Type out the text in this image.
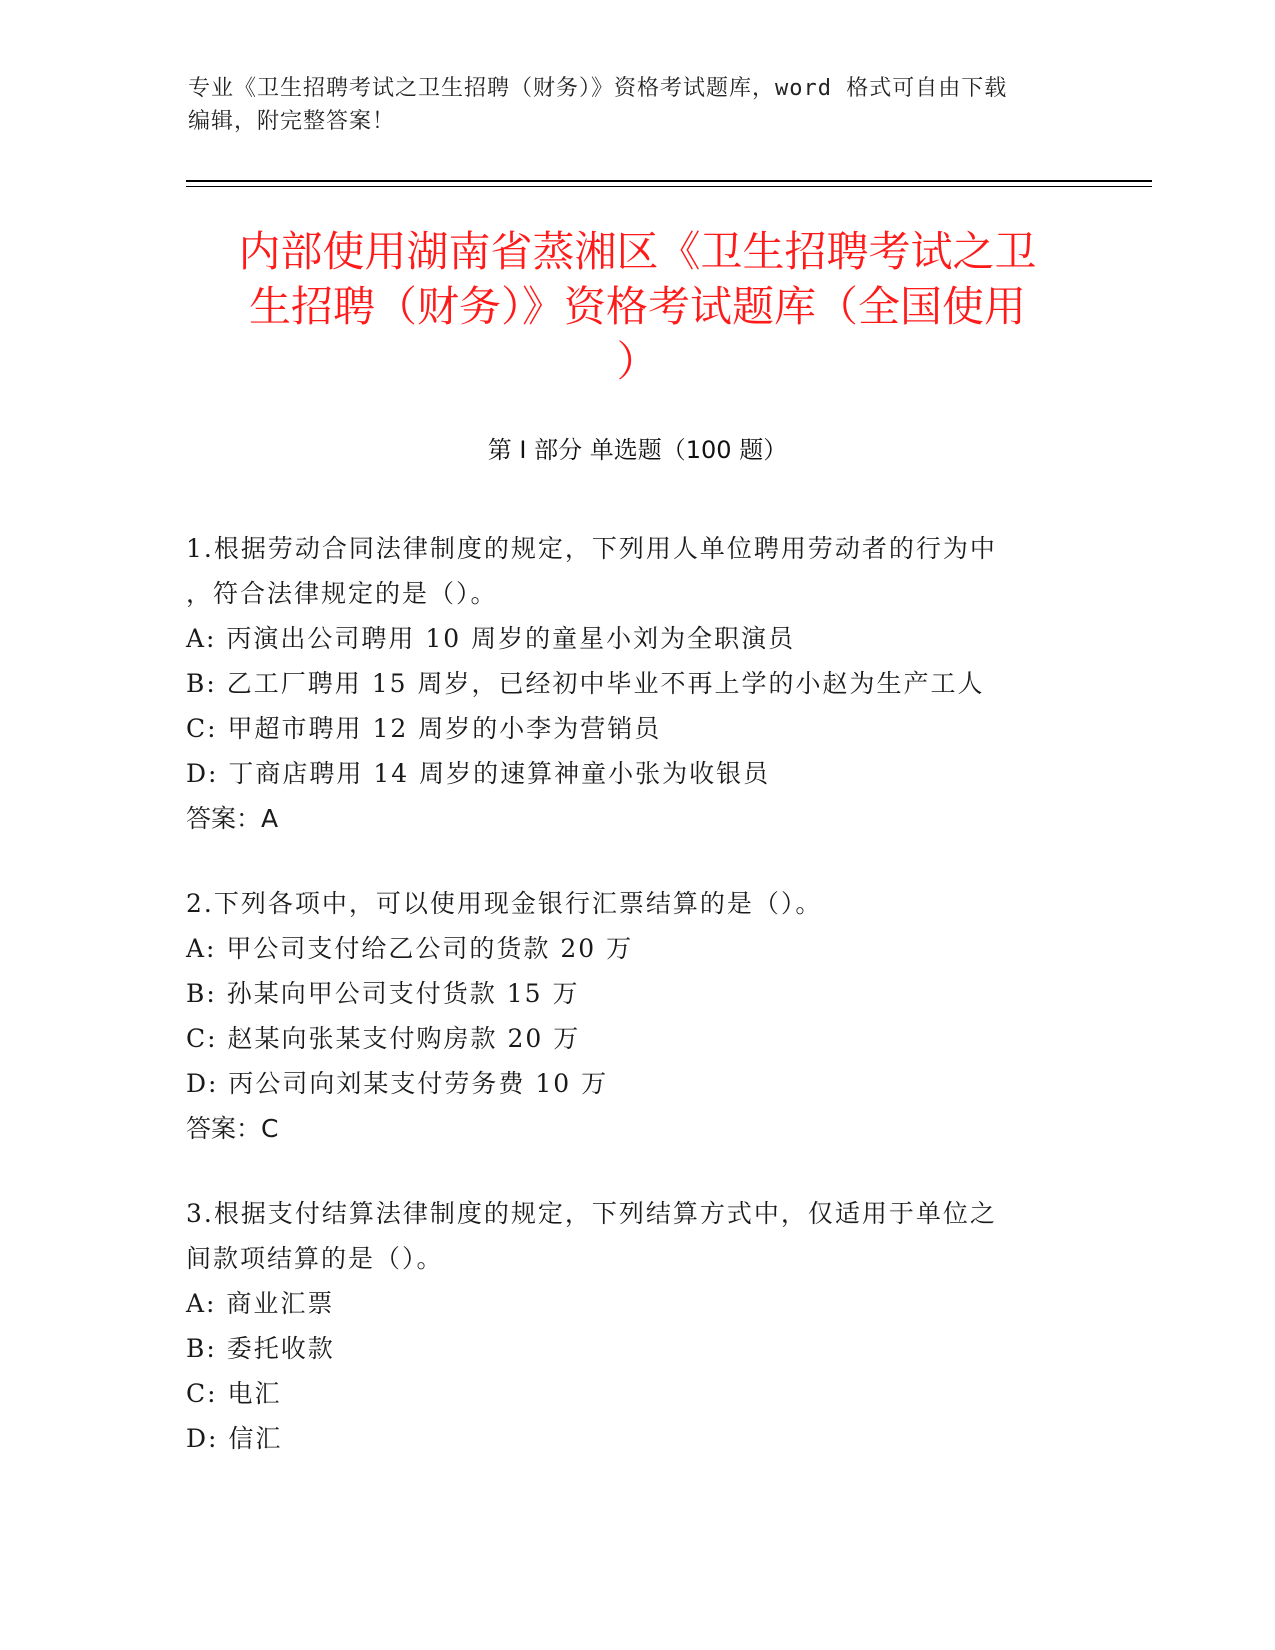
专业《卫生招聘考试之卫生招聘（财务）》资格考试题库，word 格式可自由下载
编辑，附完整答案！
内部使用湖南省蒸湘区《卫生招聘考试之卫
生招聘（财务）》资格考试题库（全国使用
）
第 I 部分 单选题（100 题）

1.根据劳动合同法律制度的规定，下列用人单位聘用劳动者的行为中

，符合法律规定的是（）。

A: 丙演出公司聘用 10 周岁的童星小刘为全职演员

B: 乙工厂聘用 15 周岁，已经初中毕业不再上学的小赵为生产工人

C: 甲超市聘用 12 周岁的小李为营销员

D: 丁商店聘用 14 周岁的速算神童小张为收银员

答案：A

2.下列各项中，可以使用现金银行汇票结算的是（）。

A: 甲公司支付给乙公司的货款 20 万

B: 孙某向甲公司支付货款 15 万

C: 赵某向张某支付购房款 20 万

D: 丙公司向刘某支付劳务费 10 万

答案：C

3.根据支付结算法律制度的规定，下列结算方式中，仅适用于单位之

间款项结算的是（）。

A: 商业汇票

B: 委托收款

C: 电汇

D: 信汇
